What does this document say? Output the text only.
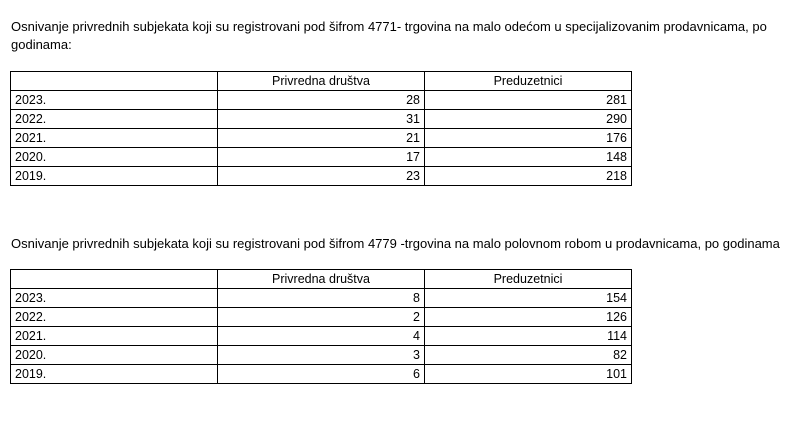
Osnivanje privrednih subjekata koji su registrovani pod šifrom 4771- trgovina na malo odećom u specijalizovanim prodavnicama, po godinama:
	Privredna društva	Preduzetnici
2023.	28	281
2022.	31	290
2021.	21	176
2020.	17	148
2019.	23	218
Osnivanje privrednih subjekata koji su registrovani pod šifrom 4779 -trgovina na malo polovnom robom u prodavnicama, po godinama
	Privredna društva	Preduzetnici
2023.	8	154
2022.	2	126
2021.	4	114
2020.	3	82
2019.	6	101
